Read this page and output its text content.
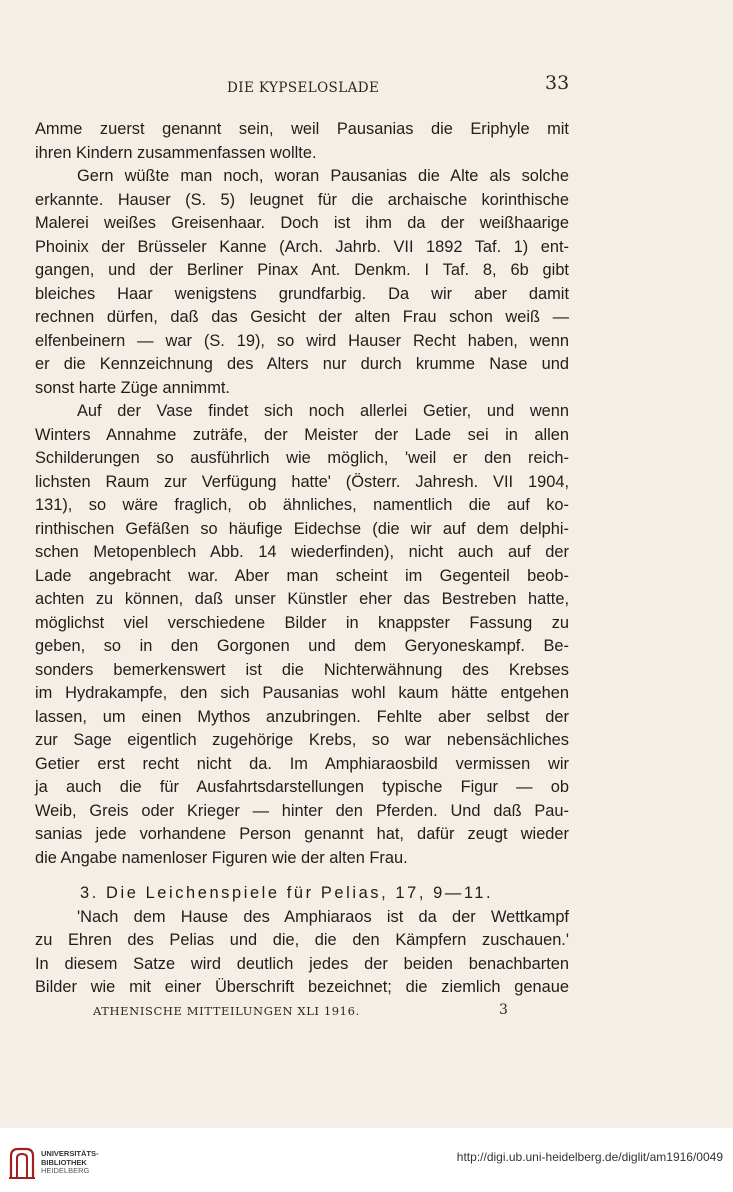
DIE KYPSELOSLADE	33
Amme zuerst genannt sein, weil Pausanias die Eriphyle mit
ihren Kindern zusammenfassen wollte.
Gern wüßte man noch, woran Pausanias die Alte als solche
erkannte. Hauser (S. 5) leugnet für die archaische korinthische
Malerei weißes Greisenhaar. Doch ist ihm da der weißhaarige
Phoinix der Brüsseler Kanne (Arch. Jahrb. VII 1892 Taf. 1) ent-
gangen, und der Berliner Pinax Ant. Denkm. I Taf. 8, 6b gibt
bleiches Haar wenigstens grundfarbig. Da wir aber damit
rechnen dürfen, daß das Gesicht der alten Frau schon weiß —
elfenbeinern — war (S. 19), so wird Hauser Recht haben, wenn
er die Kennzeichnung des Alters nur durch krumme Nase und
sonst harte Züge annimmt.
Auf der Vase findet sich noch allerlei Getier, und wenn
Winters Annahme zuträfe, der Meister der Lade sei in allen
Schilderungen so ausführlich wie möglich, 'weil er den reich-
lichsten Raum zur Verfügung hatte' (Österr. Jahresh. VII 1904,
131), so wäre fraglich, ob ähnliches, namentlich die auf ko-
rinthischen Gefäßen so häufige Eidechse (die wir auf dem delphi-
schen Metopenblech Abb. 14 wiederfinden), nicht auch auf der
Lade angebracht war. Aber man scheint im Gegenteil beob-
achten zu können, daß unser Künstler eher das Bestreben hatte,
möglichst viel verschiedene Bilder in knappster Fassung zu
geben, so in den Gorgonen und dem Geryoneskampf. Be-
sonders bemerkenswert ist die Nichterwähnung des Krebses
im Hydrakampfe, den sich Pausanias wohl kaum hätte entgehen
lassen, um einen Mythos anzubringen. Fehlte aber selbst der
zur Sage eigentlich zugehörige Krebs, so war nebensächliches
Getier erst recht nicht da. Im Amphiaraosbild vermissen wir
ja auch die für Ausfahrtsdarstellungen typische Figur — ob
Weib, Greis oder Krieger — hinter den Pferden. Und daß Pau-
sanias jede vorhandene Person genannt hat, dafür zeugt wieder
die Angabe namenloser Figuren wie der alten Frau.
3. Die Leichenspiele für Pelias, 17, 9—11.
'Nach dem Hause des Amphiaraos ist da der Wettkampf
zu Ehren des Pelias und die, die den Kämpfern zuschauen.'
In diesem Satze wird deutlich jedes der beiden benachbarten
Bilder wie mit einer Überschrift bezeichnet; die ziemlich genaue
ATHENISCHE MITTEILUNGEN XLI 1916.	3
UNIVERSITÄTS-
BIBLIOTHEK
HEIDELBERG
http://digi.ub.uni-heidelberg.de/diglit/am1916/0049
